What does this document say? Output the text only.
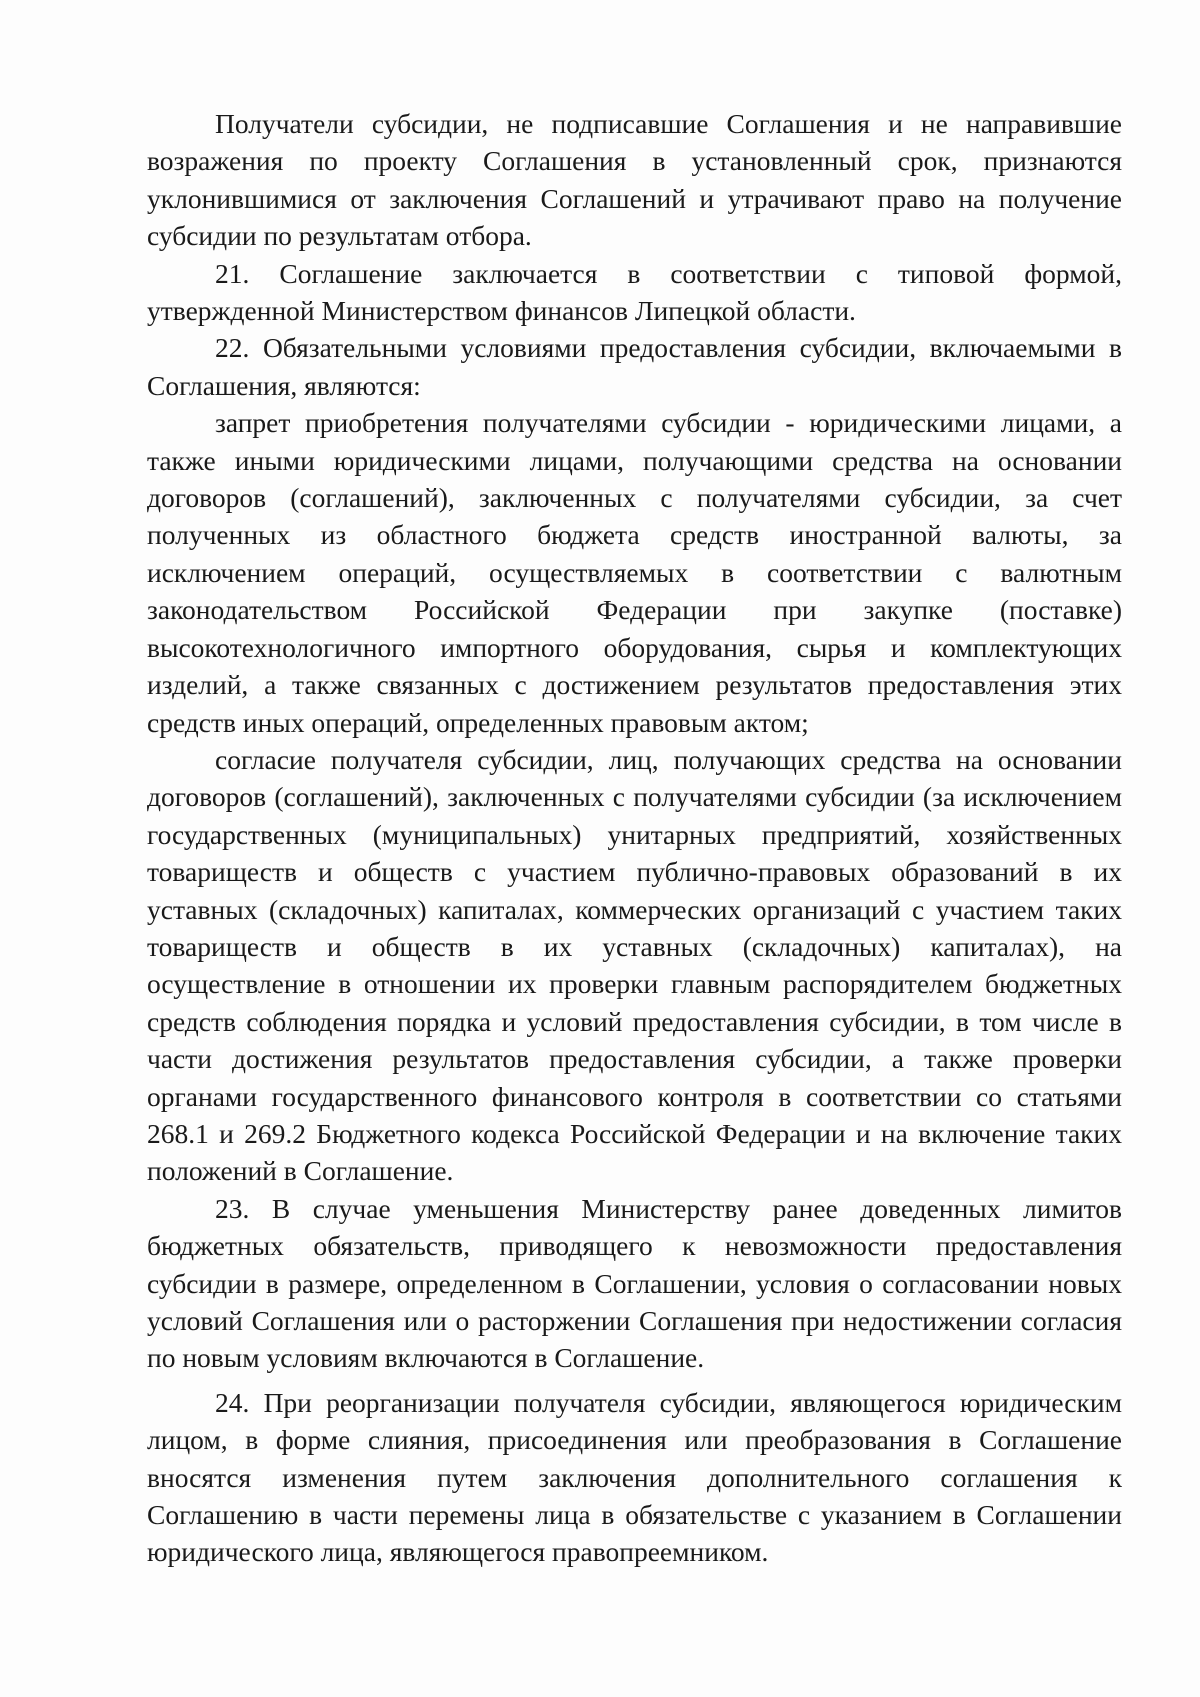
Получатели субсидии, не подписавшие Соглашения и не направившие возражения по проекту Соглашения в установленный срок, признаются уклонившимися от заключения Соглашений и утрачивают право на получение субсидии по результатам отбора.

21. Соглашение заключается в соответствии с типовой формой, утвержденной Министерством финансов Липецкой области.

22. Обязательными условиями предоставления субсидии, включаемыми в Соглашения, являются:

запрет приобретения получателями субсидии - юридическими лицами, а также иными юридическими лицами, получающими средства на основании договоров (соглашений), заключенных с получателями субсидии, за счет полученных из областного бюджета средств иностранной валюты, за исключением операций, осуществляемых в соответствии с валютным законодательством Российской Федерации при закупке (поставке) высокотехнологичного импортного оборудования, сырья и комплектующих изделий, а также связанных с достижением результатов предоставления этих средств иных операций, определенных правовым актом;

согласие получателя субсидии, лиц, получающих средства на основании договоров (соглашений), заключенных с получателями субсидии (за исключением государственных (муниципальных) унитарных предприятий, хозяйственных товариществ и обществ с участием публично-правовых образований в их уставных (складочных) капиталах, коммерческих организаций с участием таких товариществ и обществ в их уставных (складочных) капиталах), на осуществление в отношении их проверки главным распорядителем бюджетных средств соблюдения порядка и условий предоставления субсидии, в том числе в части достижения результатов предоставления субсидии, а также проверки органами государственного финансового контроля в соответствии со статьями 268.1 и 269.2 Бюджетного кодекса Российской Федерации и на включение таких положений в Соглашение.

23. В случае уменьшения Министерству ранее доведенных лимитов бюджетных обязательств, приводящего к невозможности предоставления субсидии в размере, определенном в Соглашении, условия о согласовании новых условий Соглашения или о расторжении Соглашения при недостижении согласия по новым условиям включаются в Соглашение.

24. При реорганизации получателя субсидии, являющегося юридическим лицом, в форме слияния, присоединения или преобразования в Соглашение вносятся изменения путем заключения дополнительного соглашения к Соглашению в части перемены лица в обязательстве с указанием в Соглашении юридического лица, являющегося правопреемником.
